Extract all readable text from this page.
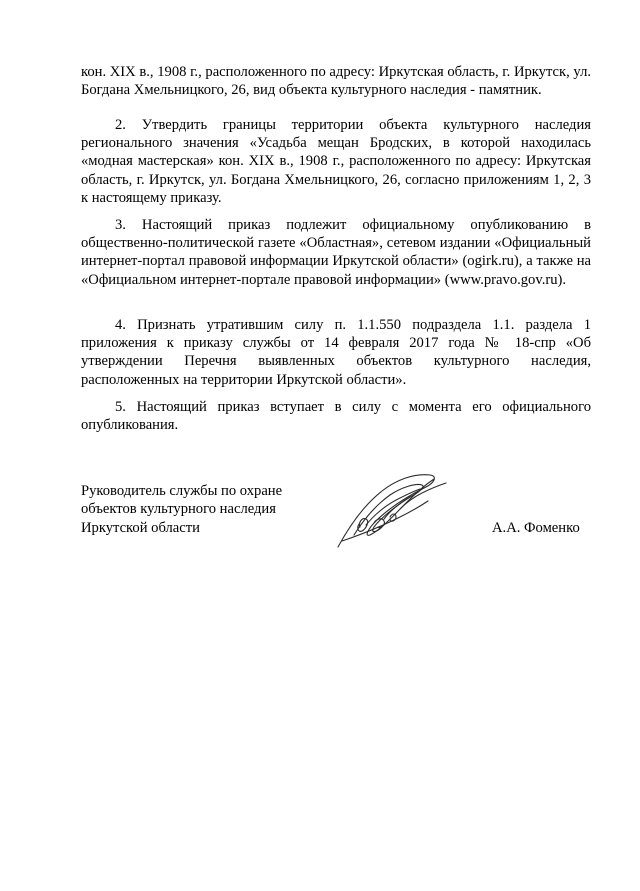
кон. XIX в., 1908 г., расположенного по адресу: Иркутская область, г. Иркутск, ул. Богдана Хмельницкого, 26, вид объекта культурного наследия - памятник.

2. Утвердить границы территории объекта культурного наследия регионального значения «Усадьба мещан Бродских, в которой находилась «модная мастерская» кон. XIX в., 1908 г., расположенного по адресу: Иркутская область, г. Иркутск, ул. Богдана Хмельницкого, 26, согласно приложениям 1, 2, 3 к настоящему приказу.

3. Настоящий приказ подлежит официальному опубликованию в общественно-политической газете «Областная», сетевом издании «Официальный интернет-портал правовой информации Иркутской области» (ogirk.ru), а также на «Официальном интернет-портале правовой информации» (www.pravo.gov.ru).

4. Признать утратившим силу п. 1.1.550 подраздела 1.1. раздела 1 приложения к приказу службы от 14 февраля 2017 года № 18-спр «Об утверждении Перечня выявленных объектов культурного наследия, расположенных на территории Иркутской области».

5. Настоящий приказ вступает в силу с момента его официального опубликования.

Руководитель службы по охране
объектов культурного наследия
Иркутской области	А.А. Фоменко
